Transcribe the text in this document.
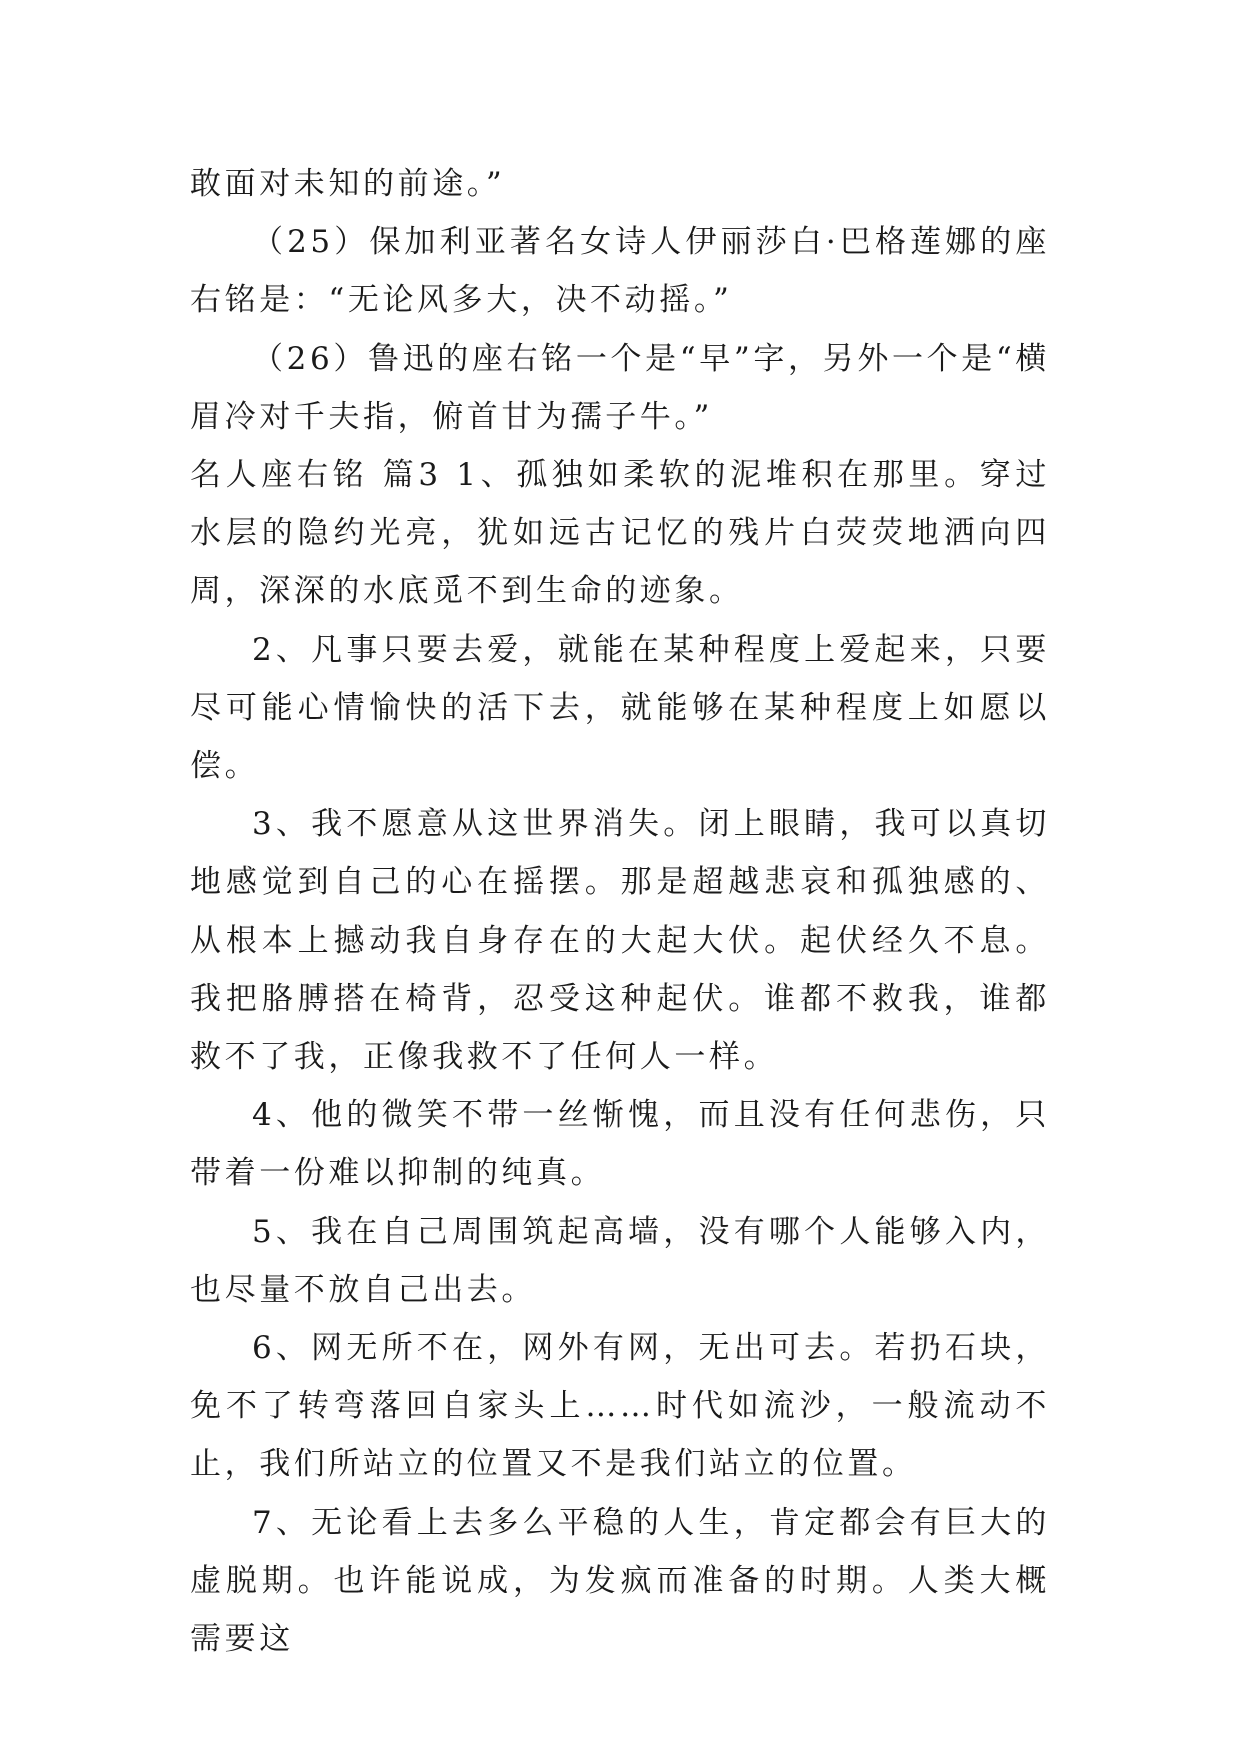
敢面对未知的前途。”

（25）保加利亚著名女诗人伊丽莎白·巴格莲娜的座右铭是：“无论风多大，决不动摇。”

（26）鲁迅的座右铭一个是“早”字，另外一个是“横眉冷对千夫指，俯首甘为孺子牛。”

名人座右铭 篇3 1、孤独如柔软的泥堆积在那里。穿过水层的隐约光亮，犹如远古记忆的残片白荧荧地洒向四周，深深的水底觅不到生命的迹象。

2、凡事只要去爱，就能在某种程度上爱起来，只要尽可能心情愉快的活下去，就能够在某种程度上如愿以偿。

3、我不愿意从这世界消失。闭上眼睛，我可以真切地感觉到自己的心在摇摆。那是超越悲哀和孤独感的、从根本上撼动我自身存在的大起大伏。起伏经久不息。我把胳膊搭在椅背，忍受这种起伏。谁都不救我，谁都救不了我，正像我救不了任何人一样。

4、他的微笑不带一丝惭愧，而且没有任何悲伤，只带着一份难以抑制的纯真。

5、我在自己周围筑起高墙，没有哪个人能够入内，也尽量不放自己出去。

6、网无所不在，网外有网，无出可去。若扔石块，免不了转弯落回自家头上……时代如流沙，一般流动不止，我们所站立的位置又不是我们站立的位置。

7、无论看上去多么平稳的人生，肯定都会有巨大的虚脱期。也许能说成，为发疯而准备的时期。人类大概需要这
